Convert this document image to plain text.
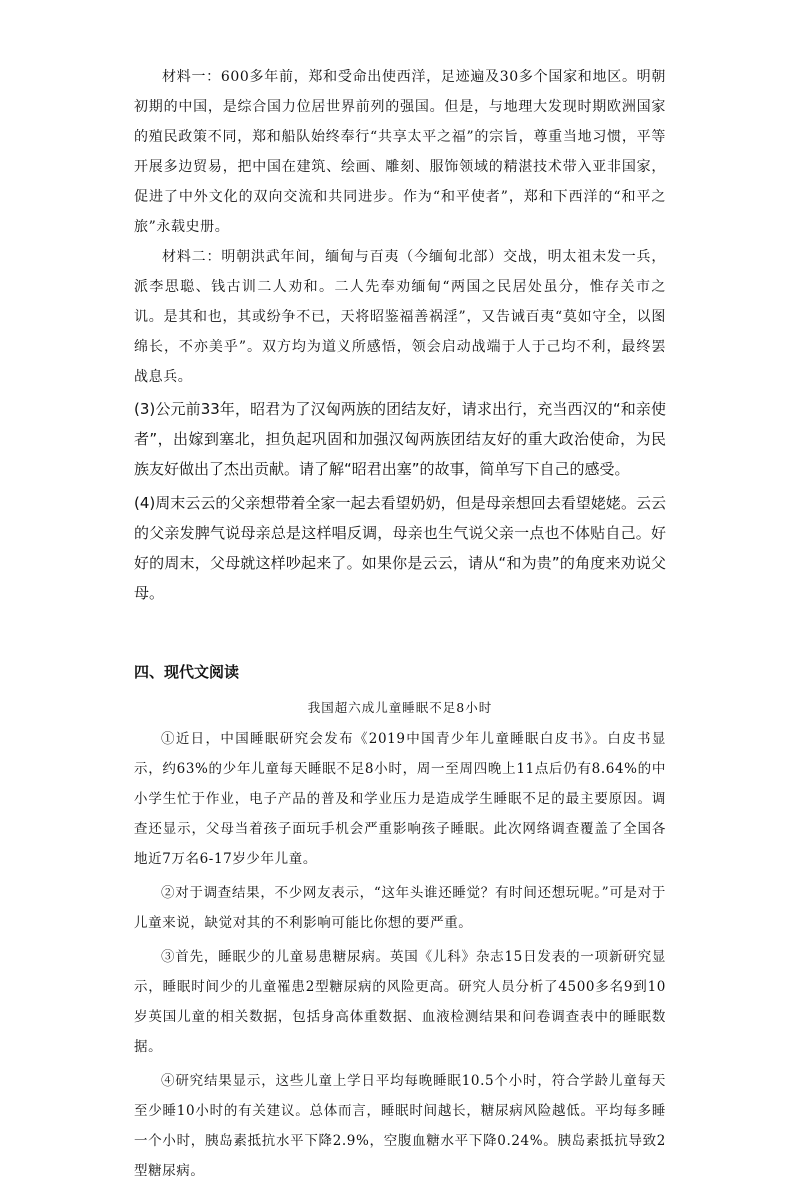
材料一：600多年前，郑和受命出使西洋，足迹遍及30多个国家和地区。明朝初期的中国，是综合国力位居世界前列的强国。但是，与地理大发现时期欧洲国家的殖民政策不同，郑和船队始终奉行“共享太平之福”的宗旨，尊重当地习惯，平等开展多边贸易，把中国在建筑、绘画、雕刻、服饰领域的精湛技术带入亚非国家，促进了中外文化的双向交流和共同进步。作为“和平使者”，郑和下西洋的“和平之旅”永载史册。

材料二：明朝洪武年间，缅甸与百夷（今缅甸北部）交战，明太祖未发一兵，派李思聪、钱古训二人劝和。二人先奉劝缅甸“两国之民居处虽分，惟存关市之讥。是其和也，其或纷争不已，天将昭鉴福善祸淫”，又告诫百夷“莫如守全，以图绵长，不亦美乎”。双方均为道义所感悟，领会启动战端于人于己均不利，最终罢战息兵。

(3)公元前33年，昭君为了汉匈两族的团结友好，请求出行，充当西汉的“和亲使者”，出嫁到塞北，担负起巩固和加强汉匈两族团结友好的重大政治使命，为民族友好做出了杰出贡献。请了解“昭君出塞”的故事，简单写下自己的感受。

(4)周末云云的父亲想带着全家一起去看望奶奶，但是母亲想回去看望姥姥。云云的父亲发脾气说母亲总是这样唱反调，母亲也生气说父亲一点也不体贴自己。好好的周末，父母就这样吵起来了。如果你是云云，请从“和为贵”的角度来劝说父母。

四、现代文阅读
我国超六成儿童睡眠不足8小时

①近日，中国睡眠研究会发布《2019中国青少年儿童睡眠白皮书》。白皮书显示，约63%的少年儿童每天睡眠不足8小时，周一至周四晚上11点后仍有8.64%的中小学生忙于作业，电子产品的普及和学业压力是造成学生睡眠不足的最主要原因。调查还显示，父母当着孩子面玩手机会严重影响孩子睡眠。此次网络调查覆盖了全国各地近7万名6-17岁少年儿童。

②对于调查结果，不少网友表示，“这年头谁还睡觉？有时间还想玩呢。”可是对于儿童来说，缺觉对其的不利影响可能比你想的要严重。

③首先，睡眠少的儿童易患糖尿病。英国《儿科》杂志15日发表的一项新研究显示，睡眠时间少的儿童罹患2型糖尿病的风险更高。研究人员分析了4500多名9到10岁英国儿童的相关数据，包括身高体重数据、血液检测结果和问卷调查表中的睡眠数据。

④研究结果显示，这些儿童上学日平均每晚睡眠10.5个小时，符合学龄儿童每天至少睡10小时的有关建议。总体而言，睡眠时间越长，糖尿病风险越低。平均每多睡一个小时，胰岛素抵抗水平下降2.9%，空腹血糖水平下降0.24%。胰岛素抵抗导致2型糖尿病。
